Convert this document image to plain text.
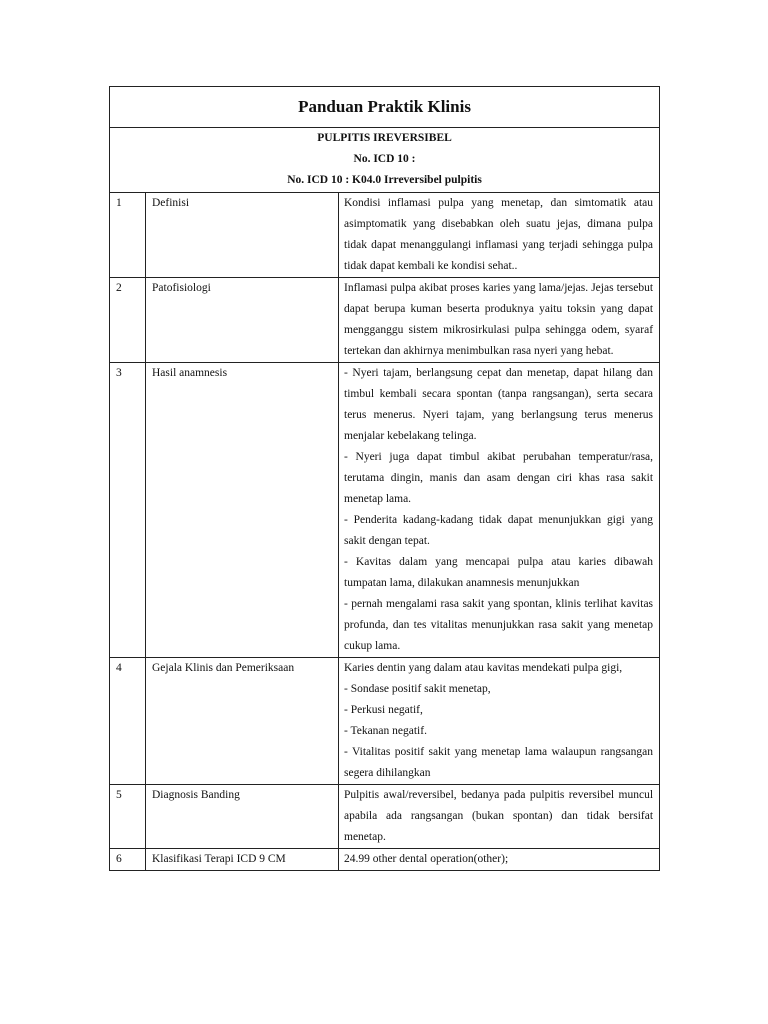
Panduan Praktik Klinis		

PULPITIS IREVERSIBEL
No. ICD 10 :
No. ICD 10 : K04.0 Irreversibel pulpitis		

1	Definisi	Kondisi inflamasi pulpa yang menetap, dan simtomatik atau asimptomatik yang disebabkan oleh suatu jejas, dimana pulpa tidak dapat menanggulangi inflamasi yang terjadi sehingga pulpa tidak dapat kembali ke kondisi sehat..

2	Patofisiologi	Inflamasi pulpa akibat proses karies yang lama/jejas. Jejas tersebut dapat berupa kuman beserta produknya yaitu toksin yang dapat mengganggu sistem mikrosirkulasi pulpa sehingga odem, syaraf tertekan dan akhirnya menimbulkan rasa nyeri yang hebat.

3	Hasil anamnesis	- Nyeri tajam, berlangsung cepat dan menetap, dapat hilang dan timbul kembali secara spontan (tanpa rangsangan), serta secara terus menerus. Nyeri tajam, yang berlangsung terus menerus menjalar kebelakang telinga.

- Nyeri juga dapat timbul akibat perubahan temperatur/rasa, terutama dingin, manis dan asam dengan ciri khas rasa sakit menetap lama.

- Penderita kadang-kadang tidak dapat menunjukkan gigi yang sakit dengan tepat.

- Kavitas dalam yang mencapai pulpa atau karies dibawah tumpatan lama, dilakukan anamnesis menunjukkan

- pernah mengalami rasa sakit yang spontan, klinis terlihat kavitas profunda, dan tes vitalitas menunjukkan rasa sakit yang menetap cukup lama.

4	Gejala Klinis dan Pemeriksaan	Karies dentin yang dalam atau kavitas mendekati pulpa gigi,

- Sondase positif sakit menetap,

- Perkusi negatif,

- Tekanan negatif.

- Vitalitas positif sakit yang menetap lama walaupun rangsangan segera dihilangkan

5	Diagnosis Banding	Pulpitis awal/reversibel, bedanya pada pulpitis reversibel muncul apabila ada rangsangan (bukan spontan) dan tidak bersifat menetap.

6	Klasifikasi Terapi ICD 9 CM	24.99 other dental operation(other);
